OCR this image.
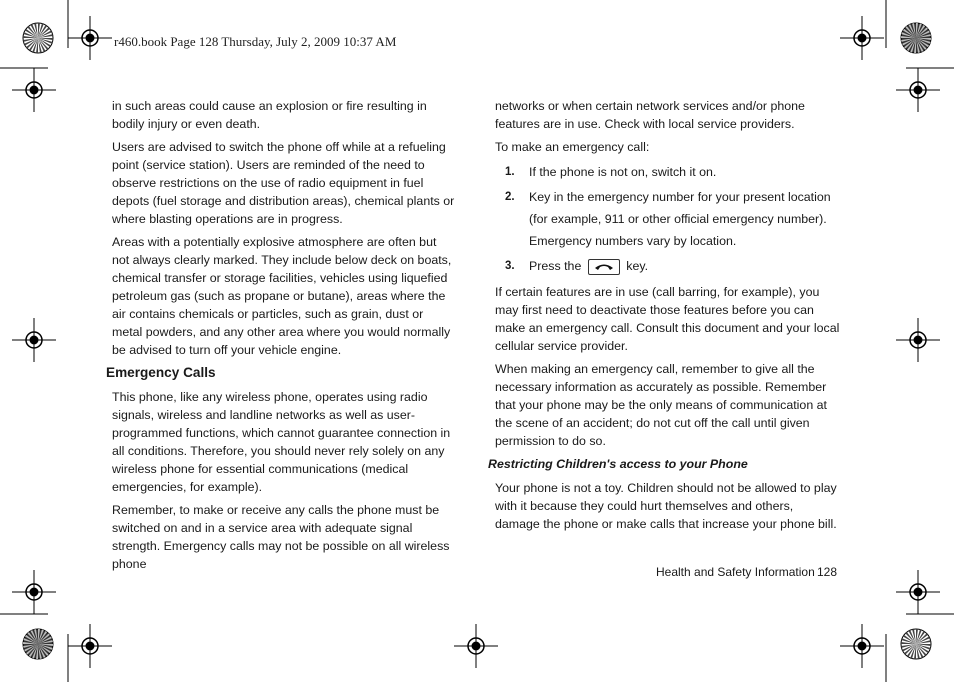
r460.book Page 128 Thursday, July 2, 2009 10:37 AM

in such areas could cause an explosion or fire resulting in bodily injury or even death.

Users are advised to switch the phone off while at a refueling point (service station). Users are reminded of the need to observe restrictions on the use of radio equipment in fuel depots (fuel storage and distribution areas), chemical plants or where blasting operations are in progress.

Areas with a potentially explosive atmosphere are often but not always clearly marked. They include below deck on boats, chemical transfer or storage facilities, vehicles using liquefied petroleum gas (such as propane or butane), areas where the air contains chemicals or particles, such as grain, dust or metal powders, and any other area where you would normally be advised to turn off your vehicle engine.

Emergency Calls

This phone, like any wireless phone, operates using radio signals, wireless and landline networks as well as user-programmed functions, which cannot guarantee connection in all conditions. Therefore, you should never rely solely on any wireless phone for essential communications (medical emergencies, for example).

Remember, to make or receive any calls the phone must be switched on and in a service area with adequate signal strength. Emergency calls may not be possible on all wireless phone

networks or when certain network services and/or phone features are in use. Check with local service providers.

To make an emergency call:

1. If the phone is not on, switch it on.
2. Key in the emergency number for your present location (for example, 911 or other official emergency number). Emergency numbers vary by location.
3. Press the	key.

If certain features are in use (call barring, for example), you may first need to deactivate those features before you can make an emergency call. Consult this document and your local cellular service provider.

When making an emergency call, remember to give all the necessary information as accurately as possible. Remember that your phone may be the only means of communication at the scene of an accident; do not cut off the call until given permission to do so.

Restricting Children's access to your Phone

Your phone is not a toy. Children should not be allowed to play with it because they could hurt themselves and others, damage the phone or make calls that increase your phone bill.

Health and Safety Information 128
